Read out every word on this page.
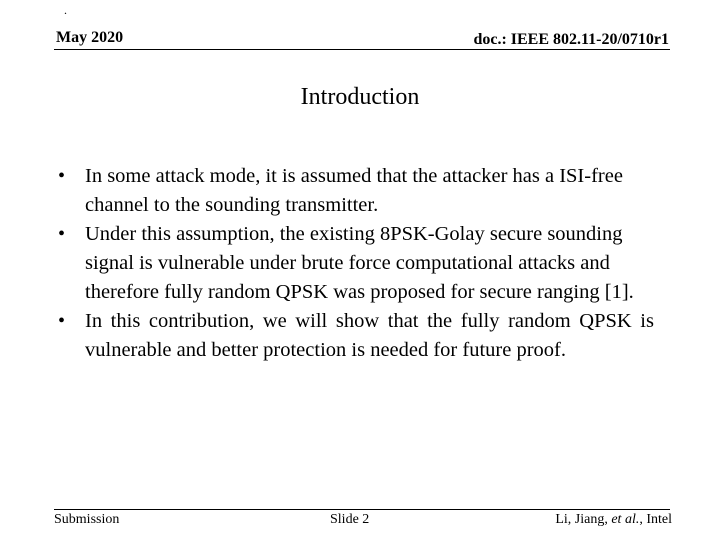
.
May 2020	doc.: IEEE 802.11-20/0710r1
Introduction
• In some attack mode, it is assumed that the attacker has a ISI-free channel to the sounding transmitter.
• Under this assumption, the existing 8PSK-Golay secure sounding signal is vulnerable under brute force computational attacks and therefore fully random QPSK was proposed for secure ranging [1].
• In this contribution, we will show that the fully random QPSK is vulnerable and better protection is needed for future proof.
Submission	Slide 2	Li, Jiang, et al., Intel
